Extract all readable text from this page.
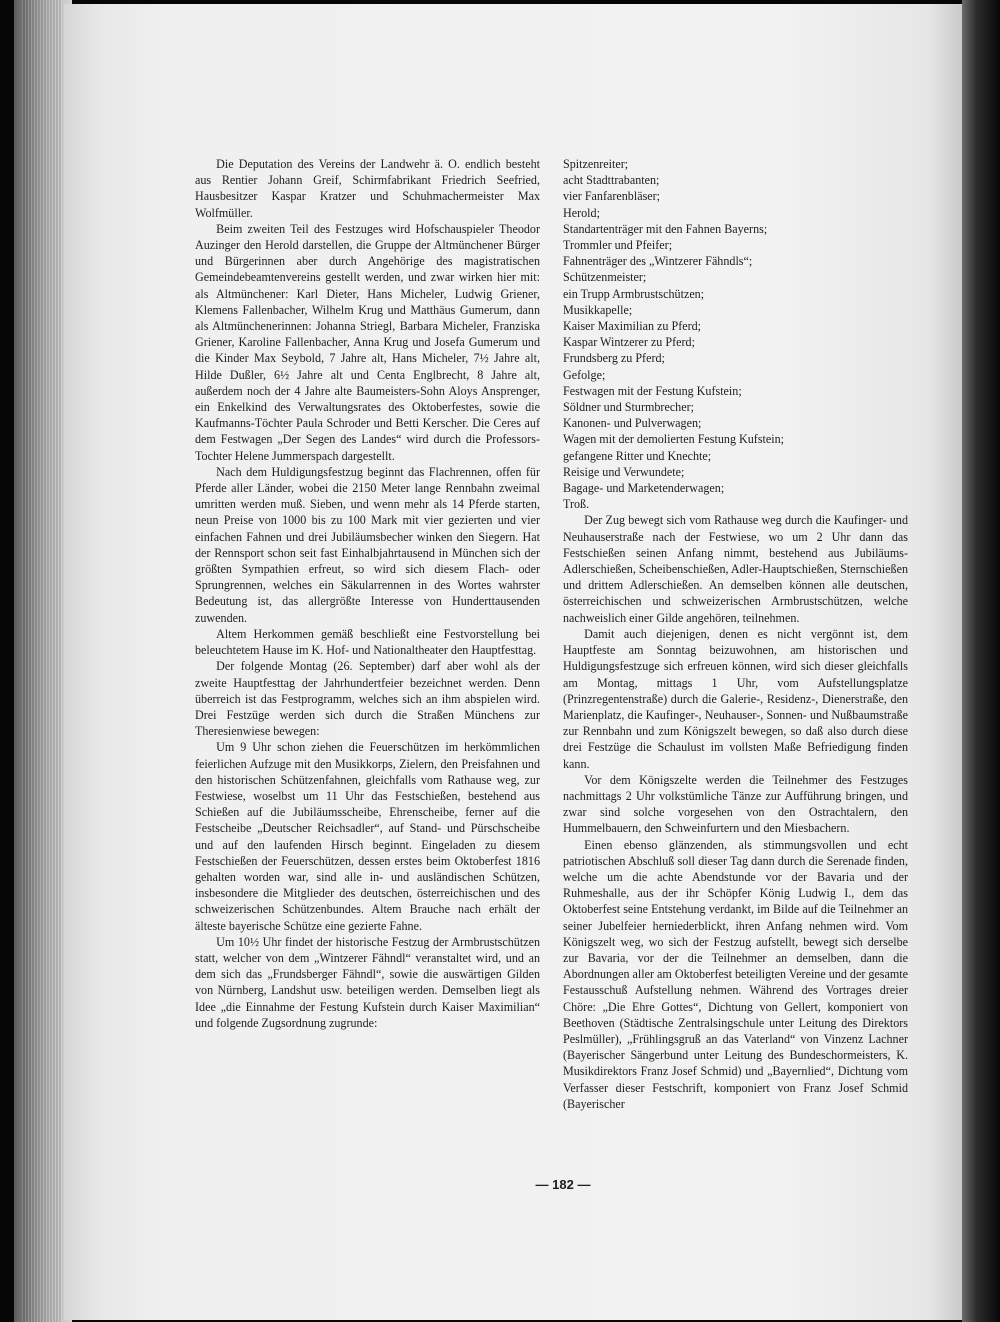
Die Deputation des Vereins der Landwehr ä. O. endlich besteht aus Rentier Johann Greif, Schirmfabrikant Friedrich Seefried, Hausbesitzer Kaspar Kratzer und Schuhmachermeister Max Wolfmüller.

Beim zweiten Teil des Festzuges wird Hofschauspieler Theodor Auzinger den Herold darstellen, die Gruppe der Altmünchener Bürger und Bürgerinnen aber durch Angehörige des magistratischen Gemeindebeamtenvereins gestellt werden, und zwar wirken hier mit: als Altmünchener: Karl Dieter, Hans Micheler, Ludwig Griener, Klemens Fallenbacher, Wilhelm Krug und Matthäus Gumerum, dann als Altmünchenerinnen: Johanna Striegl, Barbara Micheler, Franziska Griener, Karoline Fallenbacher, Anna Krug und Josefa Gumerum und die Kinder Max Seybold, 7 Jahre alt, Hans Micheler, 7½ Jahre alt, Hilde Dußler, 6½ Jahre alt und Centa Englbrecht, 8 Jahre alt, außerdem noch der 4 Jahre alte Baumeisters-Sohn Aloys Ansprenger, ein Enkelkind des Verwaltungsrates des Oktoberfestes, sowie die Kaufmanns-Töchter Paula Schroder und Betti Kerscher. Die Ceres auf dem Festwagen „Der Segen des Landes“ wird durch die Professors-Tochter Helene Jummerspach dargestellt.

Nach dem Huldigungsfestzug beginnt das Flachrennen, offen für Pferde aller Länder, wobei die 2150 Meter lange Rennbahn zweimal umritten werden muß. Sieben, und wenn mehr als 14 Pferde starten, neun Preise von 1000 bis zu 100 Mark mit vier gezierten und vier einfachen Fahnen und drei Jubiläumsbecher winken den Siegern. Hat der Rennsport schon seit fast Einhalbjahrtausend in München sich der größten Sympathien erfreut, so wird sich diesem Flach- oder Sprungrennen, welches ein Säkularrennen in des Wortes wahrster Bedeutung ist, das allergrößte Interesse von Hunderttausenden zuwenden.

Altem Herkommen gemäß beschließt eine Festvorstellung bei beleuchtetem Hause im K. Hof- und Nationaltheater den Hauptfesttag.

Der folgende Montag (26. September) darf aber wohl als der zweite Hauptfesttag der Jahrhundertfeier bezeichnet werden. Denn überreich ist das Festprogramm, welches sich an ihm abspielen wird. Drei Festzüge werden sich durch die Straßen Münchens zur Theresienwiese bewegen:

Um 9 Uhr schon ziehen die Feuerschützen im herkömmlichen feierlichen Aufzuge mit den Musikkorps, Zielern, den Preisfahnen und den historischen Schützenfahnen, gleichfalls vom Rathause weg, zur Festwiese, woselbst um 11 Uhr das Festschießen, bestehend aus Schießen auf die Jubiläumsscheibe, Ehrenscheibe, ferner auf die Festscheibe „Deutscher Reichsadler“, auf Stand- und Pürschscheibe und auf den laufenden Hirsch beginnt. Eingeladen zu diesem Festschießen der Feuerschützen, dessen erstes beim Oktoberfest 1816 gehalten worden war, sind alle in- und ausländischen Schützen, insbesondere die Mitglieder des deutschen, österreichischen und des schweizerischen Schützenbundes. Altem Brauche nach erhält der älteste bayerische Schütze eine gezierte Fahne.

Um 10½ Uhr findet der historische Festzug der Armbrustschützen statt, welcher von dem „Wintzerer Fähndl“ veranstaltet wird, und an dem sich das „Frundsberger Fähndl“, sowie die auswärtigen Gilden von Nürnberg, Landshut usw. beteiligen werden. Demselben liegt als Idee „die Einnahme der Festung Kufstein durch Kaiser Maximilian“ und folgende Zugsordnung zugrunde:

Spitzenreiter;
acht Stadttrabanten;
vier Fanfarenbläser;
Herold;
Standartenträger mit den Fahnen Bayerns;
Trommler und Pfeifer;
Fahnenträger des „Wintzerer Fähndls“;
Schützenmeister;
ein Trupp Armbrustschützen;
Musikkapelle;
Kaiser Maximilian zu Pferd;
Kaspar Wintzerer zu Pferd;
Frundsberg zu Pferd;
Gefolge;
Festwagen mit der Festung Kufstein;
Söldner und Sturmbrecher;
Kanonen- und Pulverwagen;
Wagen mit der demolierten Festung Kufstein;
gefangene Ritter und Knechte;
Reisige und Verwundete;
Bagage- und Marketenderwagen;
Troß.

Der Zug bewegt sich vom Rathause weg durch die Kaufinger- und Neuhauserstraße nach der Festwiese, wo um 2 Uhr dann das Festschießen seinen Anfang nimmt, bestehend aus Jubiläums-Adlerschießen, Scheibenschießen, Adler-Hauptschießen, Sternschießen und drittem Adlerschießen. An demselben können alle deutschen, österreichischen und schweizerischen Armbrustschützen, welche nachweislich einer Gilde angehören, teilnehmen.

Damit auch diejenigen, denen es nicht vergönnt ist, dem Hauptfeste am Sonntag beizuwohnen, am historischen und Huldigungsfestzuge sich erfreuen können, wird sich dieser gleichfalls am Montag, mittags 1 Uhr, vom Aufstellungsplatze (Prinzregentenstraße) durch die Galerie-, Residenz-, Dienerstraße, den Marienplatz, die Kaufinger-, Neuhauser-, Sonnen- und Nußbaumstraße zur Rennbahn und zum Königszelt bewegen, so daß also durch diese drei Festzüge die Schaulust im vollsten Maße Befriedigung finden kann.

Vor dem Königszelte werden die Teilnehmer des Festzuges nachmittags 2 Uhr volkstümliche Tänze zur Aufführung bringen, und zwar sind solche vorgesehen von den Ostrachtalern, den Hummelbauern, den Schweinfurtern und den Miesbachern.

Einen ebenso glänzenden, als stimmungsvollen und echt patriotischen Abschluß soll dieser Tag dann durch die Serenade finden, welche um die achte Abendstunde vor der Bavaria und der Ruhmeshalle, aus der ihr Schöpfer König Ludwig I., dem das Oktoberfest seine Entstehung verdankt, im Bilde auf die Teilnehmer an seiner Jubelfeier herniederblickt, ihren Anfang nehmen wird. Vom Königszelt weg, wo sich der Festzug aufstellt, bewegt sich derselbe zur Bavaria, vor der die Teilnehmer an demselben, dann die Abordnungen aller am Oktoberfest beteiligten Vereine und der gesamte Festausschuß Aufstellung nehmen. Während des Vortrages dreier Chöre: „Die Ehre Gottes“, Dichtung von Gellert, komponiert von Beethoven (Städtische Zentralsingschule unter Leitung des Direktors Peslmüller), „Frühlingsgruß an das Vaterland“ von Vinzenz Lachner (Bayerischer Sängerbund unter Leitung des Bundeschormeisters, K. Musikdirektors Franz Josef Schmid) und „Bayernlied“, Dichtung vom Verfasser dieser Festschrift, komponiert von Franz Josef Schmid (Bayerischer

— 182 —
